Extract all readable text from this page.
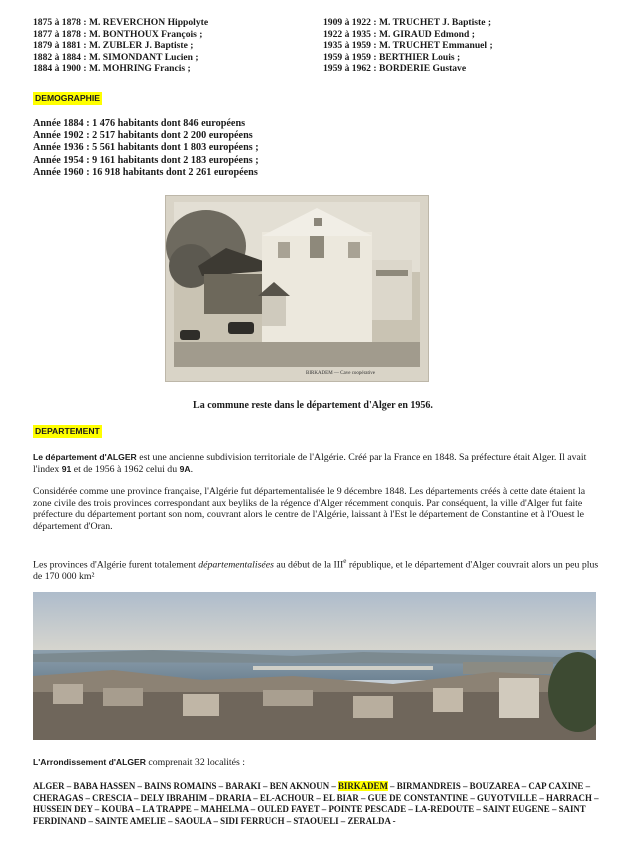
1875 à 1878 : M. REVERCHON Hippolyte
1877 à 1878 : M. BONTHOUX François ;
1879 à 1881 : M. ZUBLER J. Baptiste ;
1882 à 1884 : M. SIMONDANT Lucien ;
1884 à 1900 : M. MOHRING Francis ;
1909 à 1922 : M. TRUCHET J. Baptiste ;
1922 à 1935 : M. GIRAUD Edmond ;
1935 à 1959 : M. TRUCHET Emmanuel ;
1959 à 1959 : BERTHIER Louis ;
1959 à 1962 : BORDERIE Gustave
DEMOGRAPHIE
Année 1884 : 1 476 habitants dont 846 européens
Année 1902 : 2 517 habitants dont 2 200 européens
Année 1936 : 5 561 habitants dont 1 803 européens ;
Année 1954 : 9 161 habitants dont 2 183 européens ;
Année 1960 : 16 918 habitants dont 2 261 européens
BIRKADEM — Cave coopérative
La commune reste dans le département d'Alger en 1956.
DEPARTEMENT
Le département d'ALGER est une ancienne subdivision territoriale de l'Algérie. Créé par la France en 1848. Sa préfecture était Alger. Il avait l'index 91 et de 1956 à 1962 celui du 9A.
Considérée comme une province française, l'Algérie fut départementalisée le 9 décembre 1848. Les départements créés à cette date étaient la zone civile des trois provinces correspondant aux beyliks de la régence d'Alger récemment conquis. Par conséquent, la ville d'Alger fut faite préfecture du département portant son nom, couvrant alors le centre de l'Algérie, laissant à l'Est le département de Constantine et à l'Ouest le département d'Oran.
Les provinces d'Algérie furent totalement départementalisées au début de la IIIe république, et le département d'Alger couvrait alors un peu plus de 170 000 km²
L'Arrondissement d'ALGER comprenait 32 localités :
ALGER – BABA HASSEN – BAINS ROMAINS – BARAKI – BEN AKNOUN – BIRKADEM – BIRMANDREIS – BOUZAREA – CAP CAXINE – CHERAGAS – CRESCIA – DELY IBRAHIM – DRARIA – EL-ACHOUR – EL BIAR – GUE DE CONSTANTINE – GUYOTVILLE – HARRACH – HUSSEIN DEY – KOUBA – LA TRAPPE – MAHELMA – OULED FAYET – POINTE PESCADE – LA-REDOUTE – SAINT EUGENE – SAINT FERDINAND – SAINTE AMELIE – SAOULA – SIDI FERRUCH – STAOUELI – ZERALDA -
